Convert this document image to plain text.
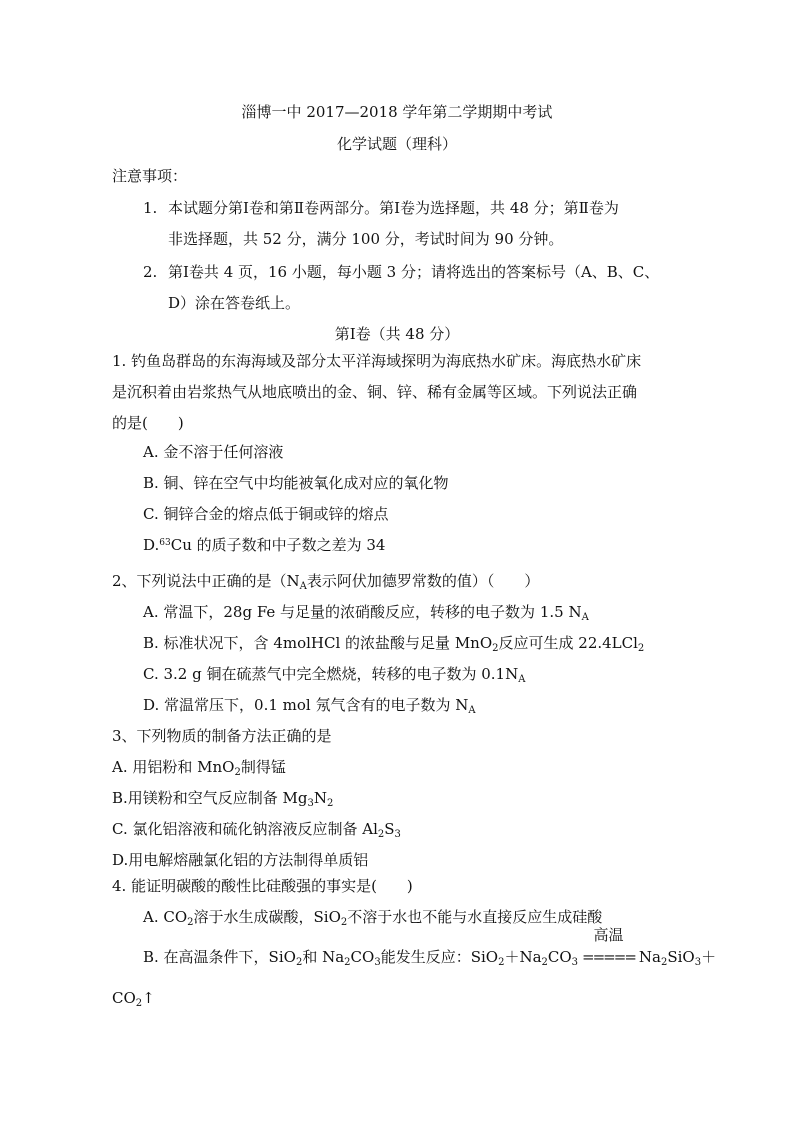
淄博一中 2017—2018 学年第二学期期中考试
化学试题（理科）
注意事项：
1. 本试题分第Ⅰ卷和第Ⅱ卷两部分。第Ⅰ卷为选择题，共 48 分；第Ⅱ卷为
非选择题，共 52 分，满分 100 分，考试时间为 90 分钟。
2. 第Ⅰ卷共 4 页，16 小题，每小题 3 分；请将选出的答案标号（A、B、C、
D）涂在答卷纸上。
第Ⅰ卷（共 48 分）
1. 钓鱼岛群岛的东海海域及部分太平洋海域探明为海底热水矿床。海底热水矿床
是沉积着由岩浆热气从地底喷出的金、铜、锌、稀有金属等区域。下列说法正确
的是(　　)
A. 金不溶于任何溶液
B. 铜、锌在空气中均能被氧化成对应的氧化物
C. 铜锌合金的熔点低于铜或锌的熔点
D.$^{63}$Cu 的质子数和中子数之差为 34
2、下列说法中正确的是（$N_A$表示阿伏加德罗常数的值）（　　）
A. 常温下，28g Fe 与足量的浓硝酸反应，转移的电子数为 1.5 $N_A$
B. 标准状况下，含 4molHCl 的浓盐酸与足量 MnO$_2$反应可生成 22.4LCl$_2$
C. 3.2 g 铜在硫蒸气中完全燃烧，转移的电子数为 $0.1N_A$
D. 常温常压下，0.1 mol 氖气含有的电子数为 $N_A$
3、下列物质的制备方法正确的是
A. 用铝粉和 MnO$_2$制得锰
B.用镁粉和空气反应制备 $Mg_3N_2$
C. 氯化铝溶液和硫化钠溶液反应制备 $Al_2S_3$
D.用电解熔融氯化铝的方法制得单质铝
4. 能证明碳酸的酸性比硅酸强的事实是(　　)
A. $CO_2$溶于水生成碳酸，SiO$_2$不溶于水也不能与水直接反应生成硅酸
B. 在高温条件下，SiO$_2$和 $Na_2CO_3$能发生反应：$SiO_2+Na_2CO_3$
高温
===== $Na_2SiO_3+$
$CO_2↑$
